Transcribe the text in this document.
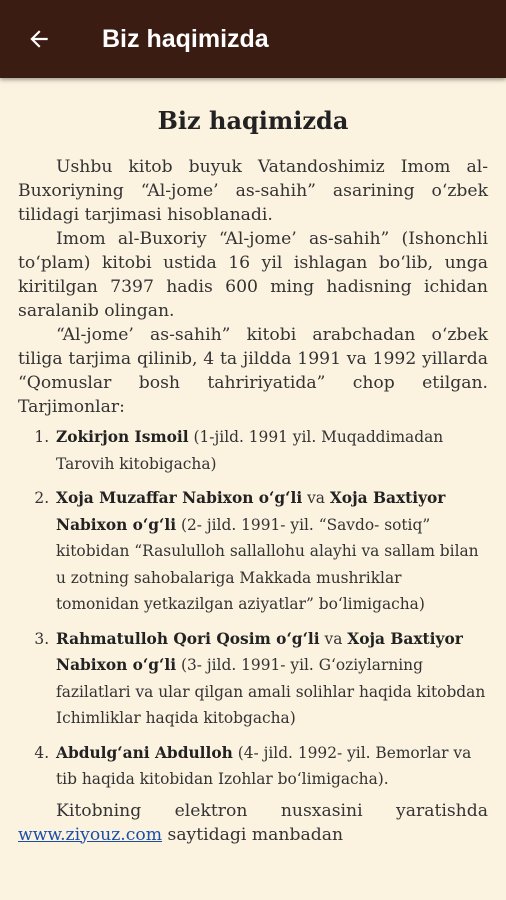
Biz haqimizda
Biz haqimizda

Ushbu kitob buyuk Vatandoshimiz Imom al-Buxoriyning “Al-jome’ as-sahih” asarining o‘zbek tilidagi tarjimasi hisoblanadi.

Imom al-Buxoriy “Al-jome’ as-sahih” (Ishonchli to‘plam) kitobi ustida 16 yil ishlagan bo‘lib, unga kiritilgan 7397 hadis 600 ming hadisning ichidan saralanib olingan.

“Al-jome’ as-sahih” kitobi arabchadan o‘zbek tiliga tarjima qilinib, 4 ta jildda 1991 va 1992 yillarda “Qomuslar bosh tahririyatida” chop etilgan. Tarjimonlar:

1. Zokirjon Ismoil (1-jild. 1991 yil. Muqaddimadan Tarovih kitobigacha)
2. Xoja Muzaffar Nabixon o‘g‘li va Xoja Baxtiyor Nabixon o‘g‘li (2- jild. 1991- yil. “Savdo- sotiq” kitobidan “Rasululloh sallallohu alayhi va sallam bilan u zotning sahobalariga Makkada mushriklar tomonidan yetkazilgan aziyatlar” bo‘limigacha)
3. Rahmatulloh Qori Qosim o‘g‘li va Xoja Baxtiyor Nabixon o‘g‘li (3- jild. 1991- yil. G‘oziylarning fazilatlari va ular qilgan amali solihlar haqida kitobdan Ichimliklar haqida kitobgacha)
4. Abdulg‘ani Abdulloh (4- jild. 1992- yil. Bemorlar va tib haqida kitobidan Izohlar bo‘limigacha).

Kitobning elektron nusxasini yaratishda www.ziyouz.com saytidagi manbadan
